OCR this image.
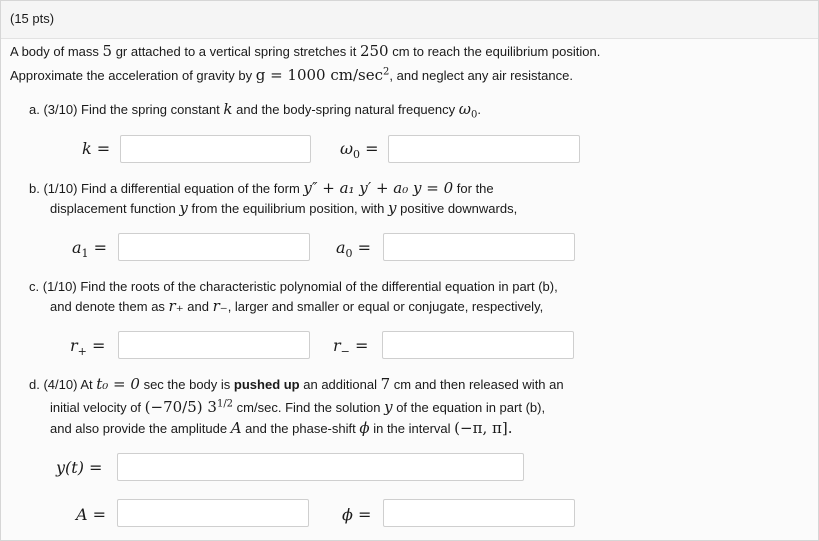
(15 pts)
A body of mass 5 gr attached to a vertical spring stretches it 250 cm to reach the equilibrium position.
Approximate the acceleration of gravity by g = 1000 $cm/\sec^2$, and neglect any air resistance.
a. (3/10) Find the spring constant k and the body-spring natural frequency $\omega_0$.
k =	$\omega_0$ =
b. (1/10) Find a differential equation of the form y″ + a₁ y′ + a₀ y = 0 for the
displacement function y from the equilibrium position, with y positive downwards,
$a_1$ =	$a_0$ =
c. (1/10) Find the roots of the characteristic polynomial of the differential equation in part (b),
and denote them as r₊ and r₋, larger and smaller or equal or conjugate, respectively,
$r_+$ =	$r_-$ =
d. (4/10) At t₀ = 0 sec the body is pushed up an additional 7 cm and then released with an
initial velocity of (−70/5) $3^{1/2}$ cm/sec. Find the solution y of the equation in part (b),
and also provide the amplitude A and the phase-shift ϕ in the interval (−π, π].
y(t) =
A =	ϕ =
